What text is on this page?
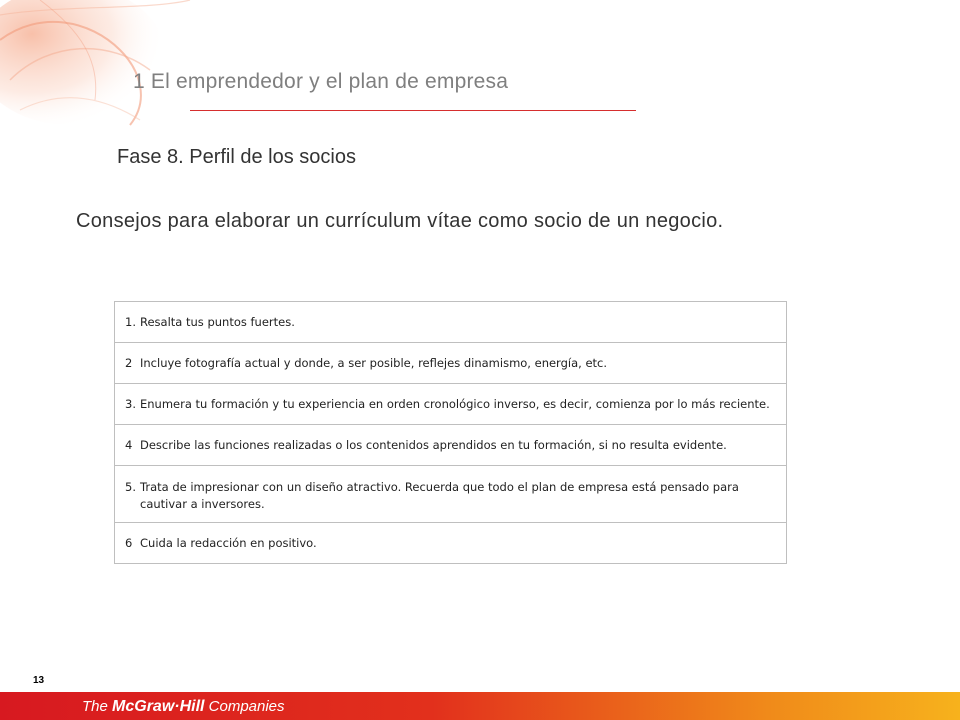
1 El emprendedor y el plan de empresa
Fase 8. Perfil de los socios
Consejos para elaborar un currículum vítae como socio de un negocio.
1. Resalta tus puntos fuertes.
2 Incluye fotografía actual y donde, a ser posible, reflejes dinamismo, energía, etc.
3. Enumera tu formación y tu experiencia en orden cronológico inverso, es decir, comienza por lo más reciente.
4 Describe las funciones realizadas o los contenidos aprendidos en tu formación, si no resulta evidente.
5. Trata de impresionar con un diseño atractivo. Recuerda que todo el plan de empresa está pensado para cautivar a inversores.
6 Cuida la redacción en positivo.
13
The McGraw·Hill Companies
